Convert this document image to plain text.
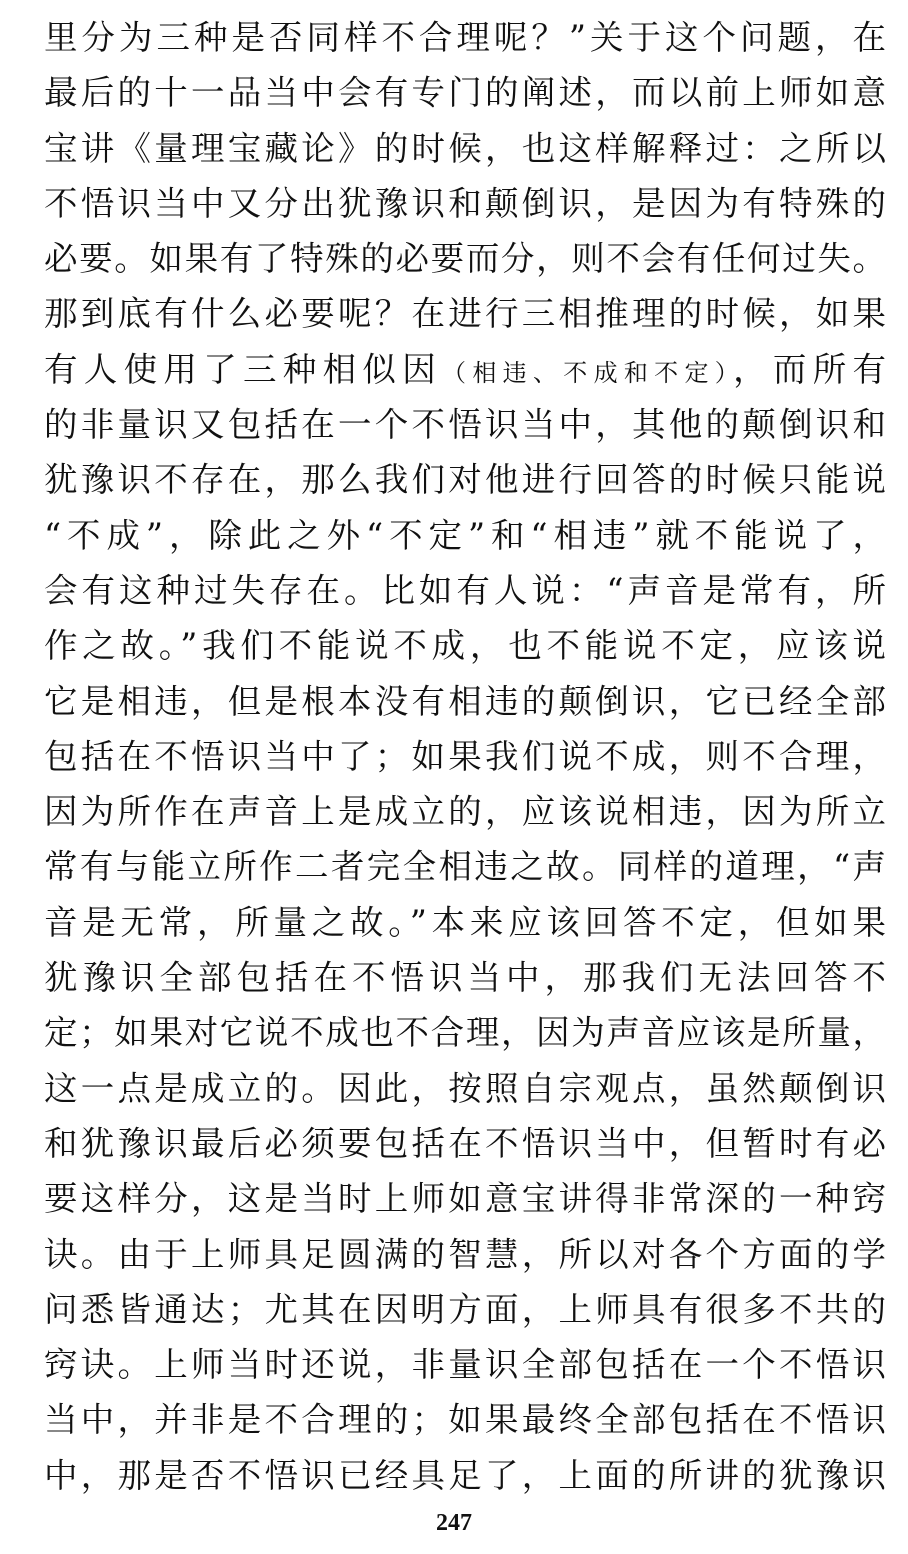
里分为三种是否同样不合理呢？”关于这个问题，在
最后的十一品当中会有专门的阐述，而以前上师如意
宝讲《量理宝藏论》的时候，也这样解释过：之所以
不悟识当中又分出犹豫识和颠倒识，是因为有特殊的
必要。如果有了特殊的必要而分，则不会有任何过失。
那到底有什么必要呢？在进行三相推理的时候，如果
有人使用了三种相似因（相违、不成和不定），而所有
的非量识又包括在一个不悟识当中，其他的颠倒识和
犹豫识不存在，那么我们对他进行回答的时候只能说
“不成”，除此之外“不定”和“相违”就不能说了，
会有这种过失存在。比如有人说：“声音是常有，所
作之故。”我们不能说不成，也不能说不定，应该说
它是相违，但是根本没有相违的颠倒识，它已经全部
包括在不悟识当中了；如果我们说不成，则不合理，
因为所作在声音上是成立的，应该说相违，因为所立
常有与能立所作二者完全相违之故。同样的道理，“声
音是无常，所量之故。”本来应该回答不定，但如果
犹豫识全部包括在不悟识当中，那我们无法回答不
定；如果对它说不成也不合理，因为声音应该是所量，
这一点是成立的。因此，按照自宗观点，虽然颠倒识
和犹豫识最后必须要包括在不悟识当中，但暂时有必
要这样分，这是当时上师如意宝讲得非常深的一种窍
诀。由于上师具足圆满的智慧，所以对各个方面的学
问悉皆通达；尤其在因明方面，上师具有很多不共的
窍诀。上师当时还说，非量识全部包括在一个不悟识
当中，并非是不合理的；如果最终全部包括在不悟识
中，那是否不悟识已经具足了，上面的所讲的犹豫识
247
